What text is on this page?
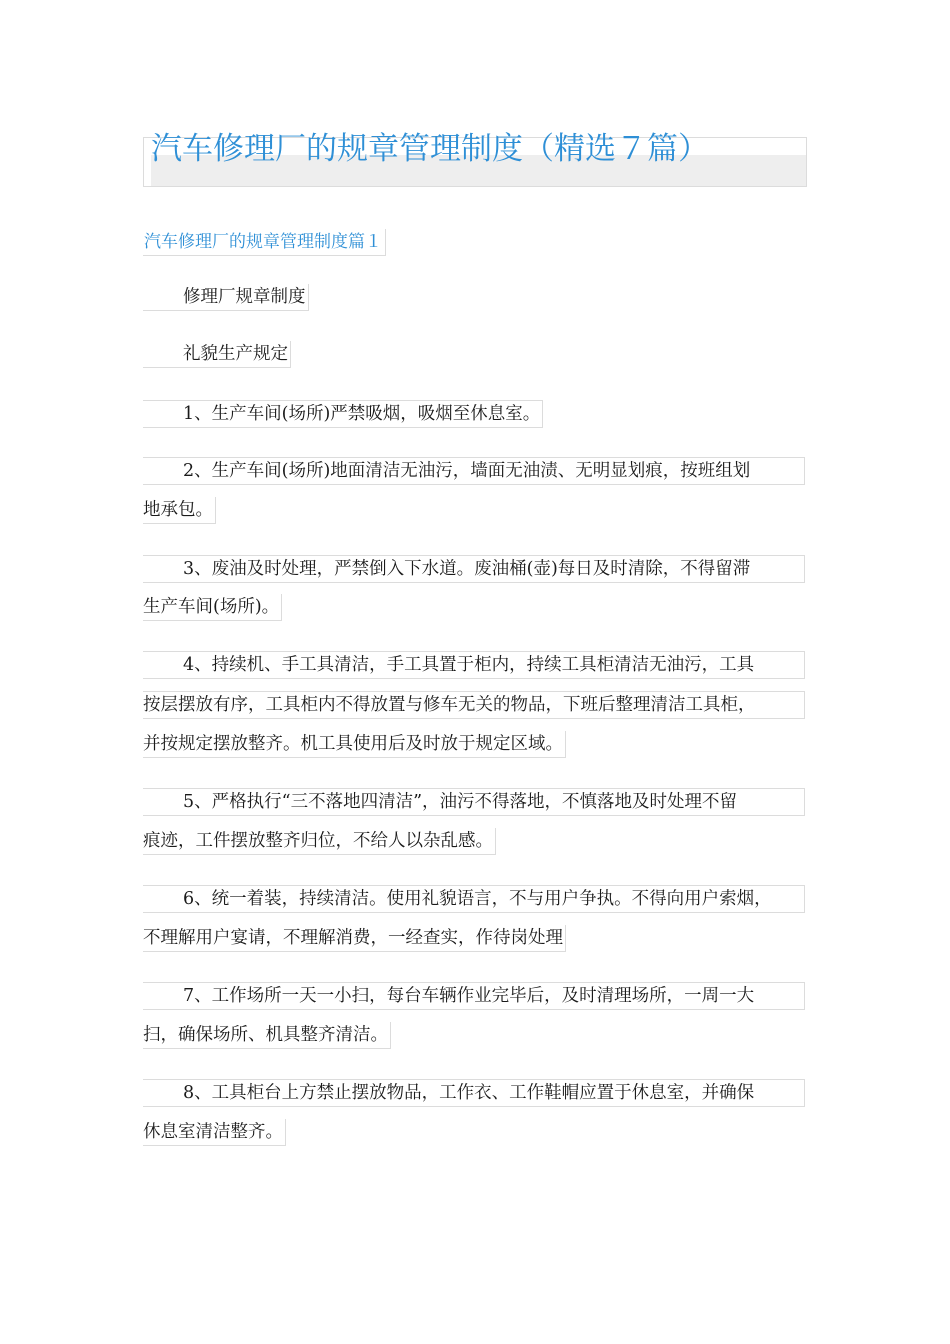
汽车修理厂的规章管理制度（精选７篇）
汽车修理厂的规章管理制度篇１
修理厂规章制度
礼貌生产规定
1、生产车间(场所)严禁吸烟，吸烟至休息室。
2、生产车间(场所)地面清洁无油污，墙面无油渍、无明显划痕，按班组划
地承包。
3、废油及时处理，严禁倒入下水道。废油桶(壶)每日及时清除，不得留滞
生产车间(场所)。
4、持续机、手工具清洁，手工具置于柜内，持续工具柜清洁无油污，工具
按层摆放有序，工具柜内不得放置与修车无关的物品，下班后整理清洁工具柜，
并按规定摆放整齐。机工具使用后及时放于规定区域。
5、严格执行“三不落地四清洁”，油污不得落地，不慎落地及时处理不留
痕迹，工件摆放整齐归位，不给人以杂乱感。
6、统一着装，持续清洁。使用礼貌语言，不与用户争执。不得向用户索烟，
不理解用户宴请，不理解消费，一经查实，作待岗处理
7、工作场所一天一小扫，每台车辆作业完毕后，及时清理场所，一周一大
扫，确保场所、机具整齐清洁。
8、工具柜台上方禁止摆放物品，工作衣、工作鞋帽应置于休息室，并确保
休息室清洁整齐。
